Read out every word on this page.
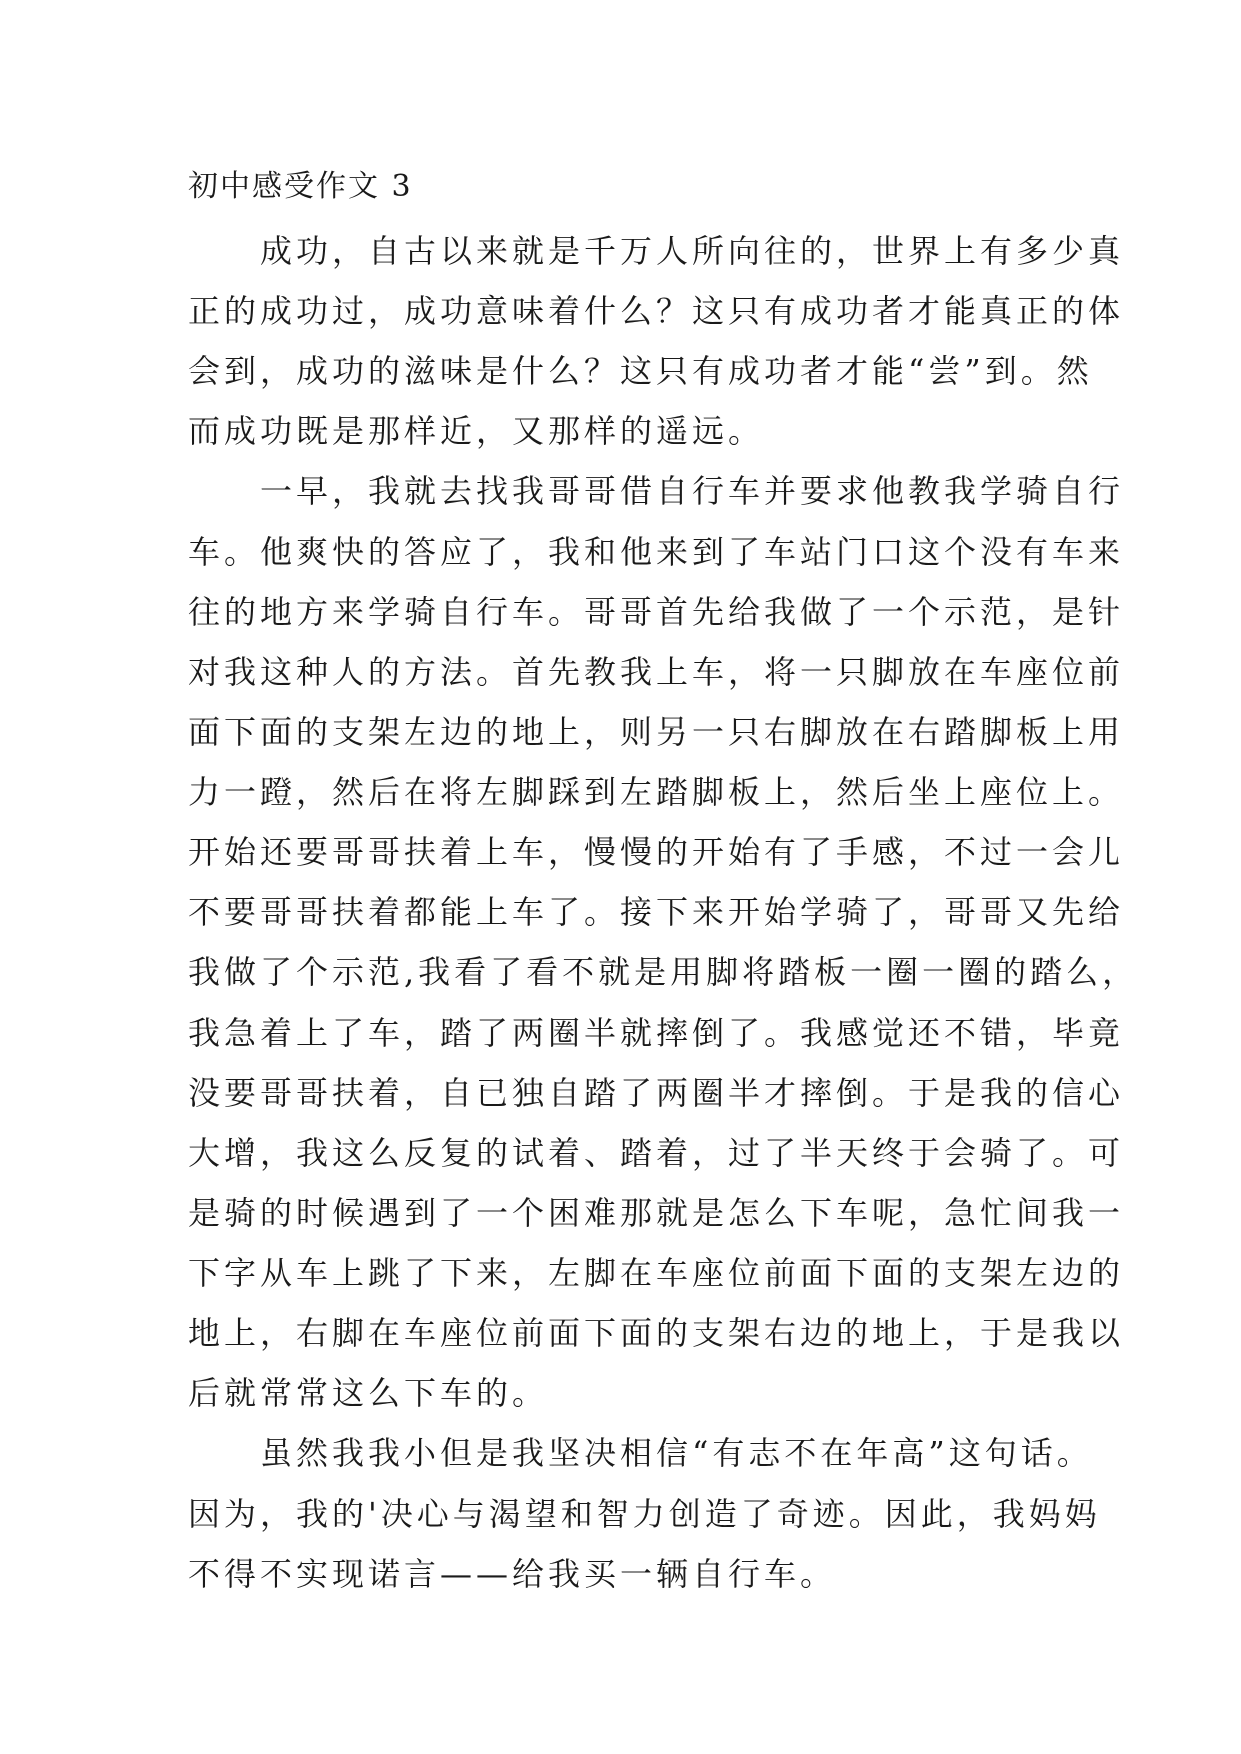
初中感受作文 3
　　成功，自古以来就是千万人所向往的，世界上有多少真
正的成功过，成功意味着什么？这只有成功者才能真正的体
会到，成功的滋味是什么？这只有成功者才能“尝”到。然
而成功既是那样近，又那样的遥远。
　　一早，我就去找我哥哥借自行车并要求他教我学骑自行
车。他爽快的答应了，我和他来到了车站门口这个没有车来
往的地方来学骑自行车。哥哥首先给我做了一个示范，是针
对我这种人的方法。首先教我上车，将一只脚放在车座位前
面下面的支架左边的地上，则另一只右脚放在右踏脚板上用
力一蹬，然后在将左脚踩到左踏脚板上，然后坐上座位上。
开始还要哥哥扶着上车，慢慢的开始有了手感，不过一会儿
不要哥哥扶着都能上车了。接下来开始学骑了，哥哥又先给
我做了个示范,我看了看不就是用脚将踏板一圈一圈的踏么，
我急着上了车，踏了两圈半就摔倒了。我感觉还不错，毕竟
没要哥哥扶着，自已独自踏了两圈半才摔倒。于是我的信心
大增，我这么反复的试着、踏着，过了半天终于会骑了。可
是骑的时候遇到了一个困难那就是怎么下车呢，急忙间我一
下字从车上跳了下来，左脚在车座位前面下面的支架左边的
地上，右脚在车座位前面下面的支架右边的地上，于是我以
后就常常这么下车的。
　　虽然我我小但是我坚决相信“有志不在年高”这句话。
因为，我的'决心与渴望和智力创造了奇迹。因此，我妈妈
不得不实现诺言——给我买一辆自行车。
